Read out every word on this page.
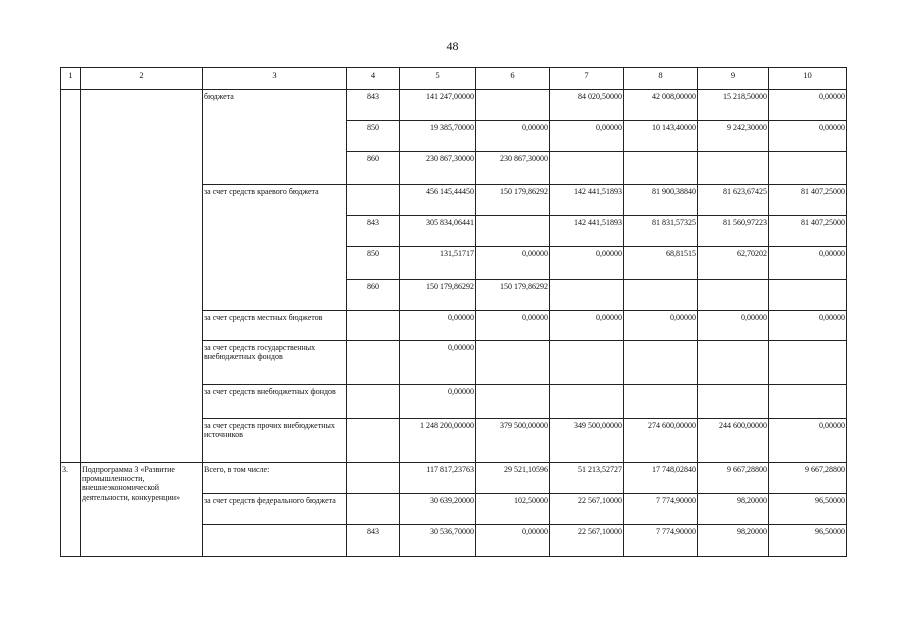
48
1	2	3	4	5	6	7	8	9	10
		бюджета	843	141 247,00000		84 020,50000	42 008,00000	15 218,50000	0,00000
			850	19 385,70000	0,00000	0,00000	10 143,40000	9 242,30000	0,00000
			860	230 867,30000	230 867,30000				
		за счет средств краевого бюджета		456 145,44450	150 179,86292	142 441,51893	81 900,38840	81 623,67425	81 407,25000
			843	305 834,06441		142 441,51893	81 831,57325	81 560,97223	81 407,25000
			850	131,51717	0,00000	0,00000	68,81515	62,70202	0,00000
			860	150 179,86292	150 179,86292				
		за счет средств местных бюджетов		0,00000	0,00000	0,00000	0,00000	0,00000	0,00000
		за счет средств государственных внебюджетных фондов		0,00000					
		за счет средств внебюджетных фондов		0,00000					
		за счет средств прочих внебюджетных источников		1 248 200,00000	379 500,00000	349 500,00000	274 600,00000	244 600,00000	0,00000
3.	Подпрограмма 3 «Развитие промышленности, внешнеэкономической деятельности, конкуренции»	Всего, в том числе:		117 817,23763	29 521,10596	51 213,52727	17 748,02840	9 667,28800	9 667,28800
		за счет средств федерального бюджета		30 639,20000	102,50000	22 567,10000	7 774,90000	98,20000	96,50000
			843	30 536,70000	0,00000	22 567,10000	7 774,90000	98,20000	96,50000
